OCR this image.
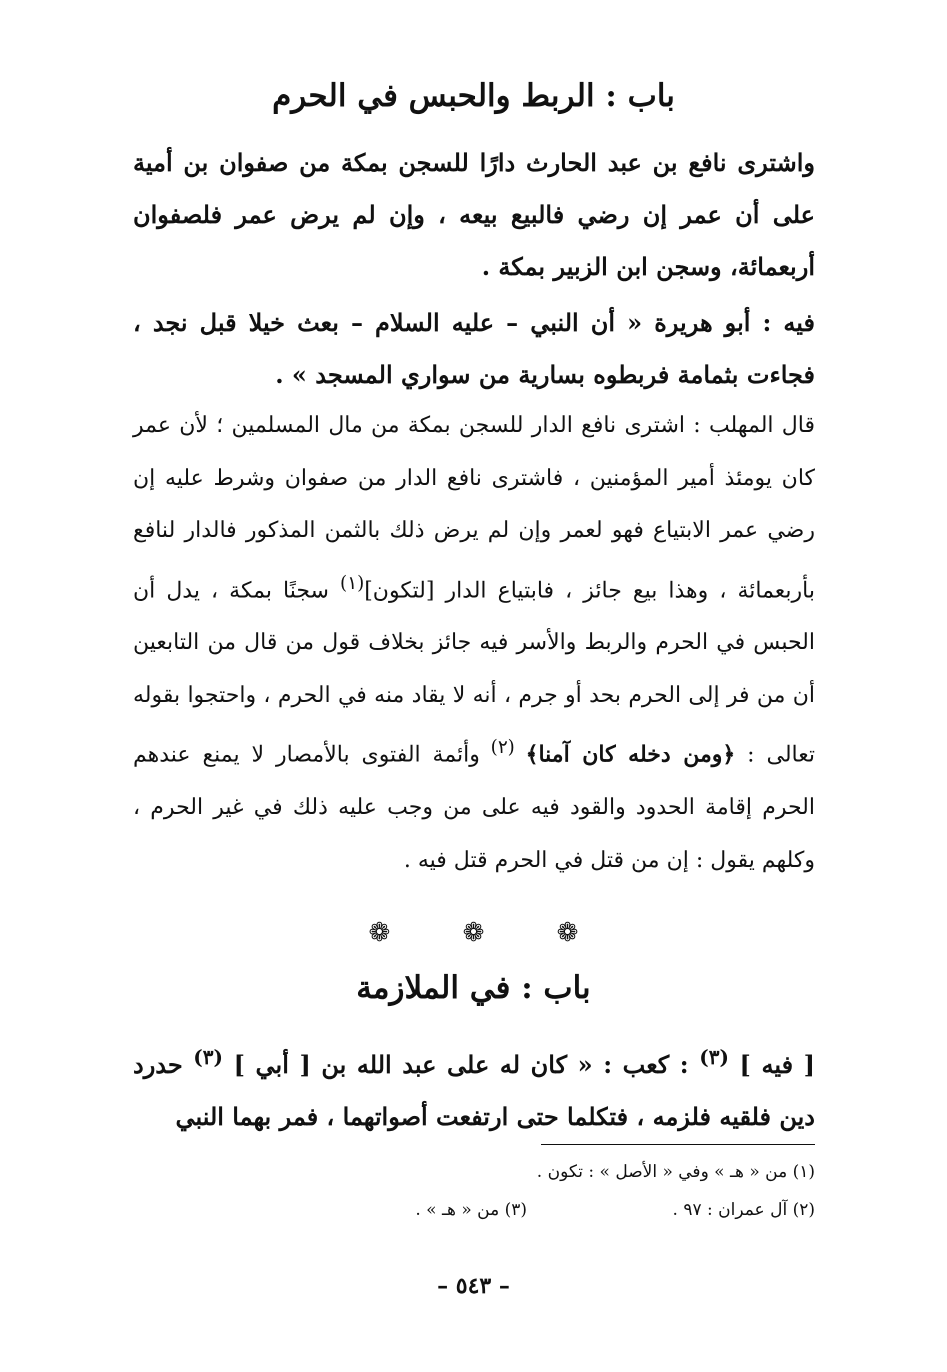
باب : الربط والحبس في الحرم
واشترى نافع بن عبد الحارث دارًا للسجن بمكة من صفوان بن أمية على أن عمر إن رضي فالبيع بيعه ، وإن لم يرض عمر فلصفوان أربعمائة، وسجن ابن الزبير بمكة .
فيه : أبو هريرة « أن النبي – عليه السلام – بعث خيلا قبل نجد ، فجاءت بثمامة فربطوه بسارية من سواري المسجد » .
قال المهلب : اشترى نافع الدار للسجن بمكة من مال المسلمين ؛ لأن عمر كان يومئذ أمير المؤمنين ، فاشترى نافع الدار من صفوان وشرط عليه إن رضي عمر الابتياع فهو لعمر وإن لم يرض ذلك بالثمن المذكور فالدار لنافع بأربعمائة ، وهذا بيع جائز ، فابتياع الدار [لتكون]$^{(١)}$ سجنًا بمكة ، يدل أن الحبس في الحرم والربط والأسر فيه جائز بخلاف قول من قال من التابعين أن من فر إلى الحرم بحد أو جرم ، أنه لا يقاد منه في الحرم ، واحتجوا بقوله تعالى : ﴿ومن دخله كان آمنا﴾ $^{(٢)}$ وأئمة الفتوى بالأمصار لا يمنع عندهم الحرم إقامة الحدود والقود فيه على من وجب عليه ذلك في غير الحرم ، وكلهم يقول : إن من قتل في الحرم قتل فيه .
❁	❁	❁
باب : في الملازمة
[ فيه ] $^{(٣)}$ : كعب : « كان له على عبد الله بن [ أبي ] $^{(٣)}$ حدرد دين فلقيه فلزمه ، فتكلما حتى ارتفعت أصواتهما ، فمر بهما النبي
(١) من « هـ » وفي « الأصل » : تكون .
(٢) آل عمران : ٩٧ .
(٣) من « هـ » .
– ٥٤٣ –
